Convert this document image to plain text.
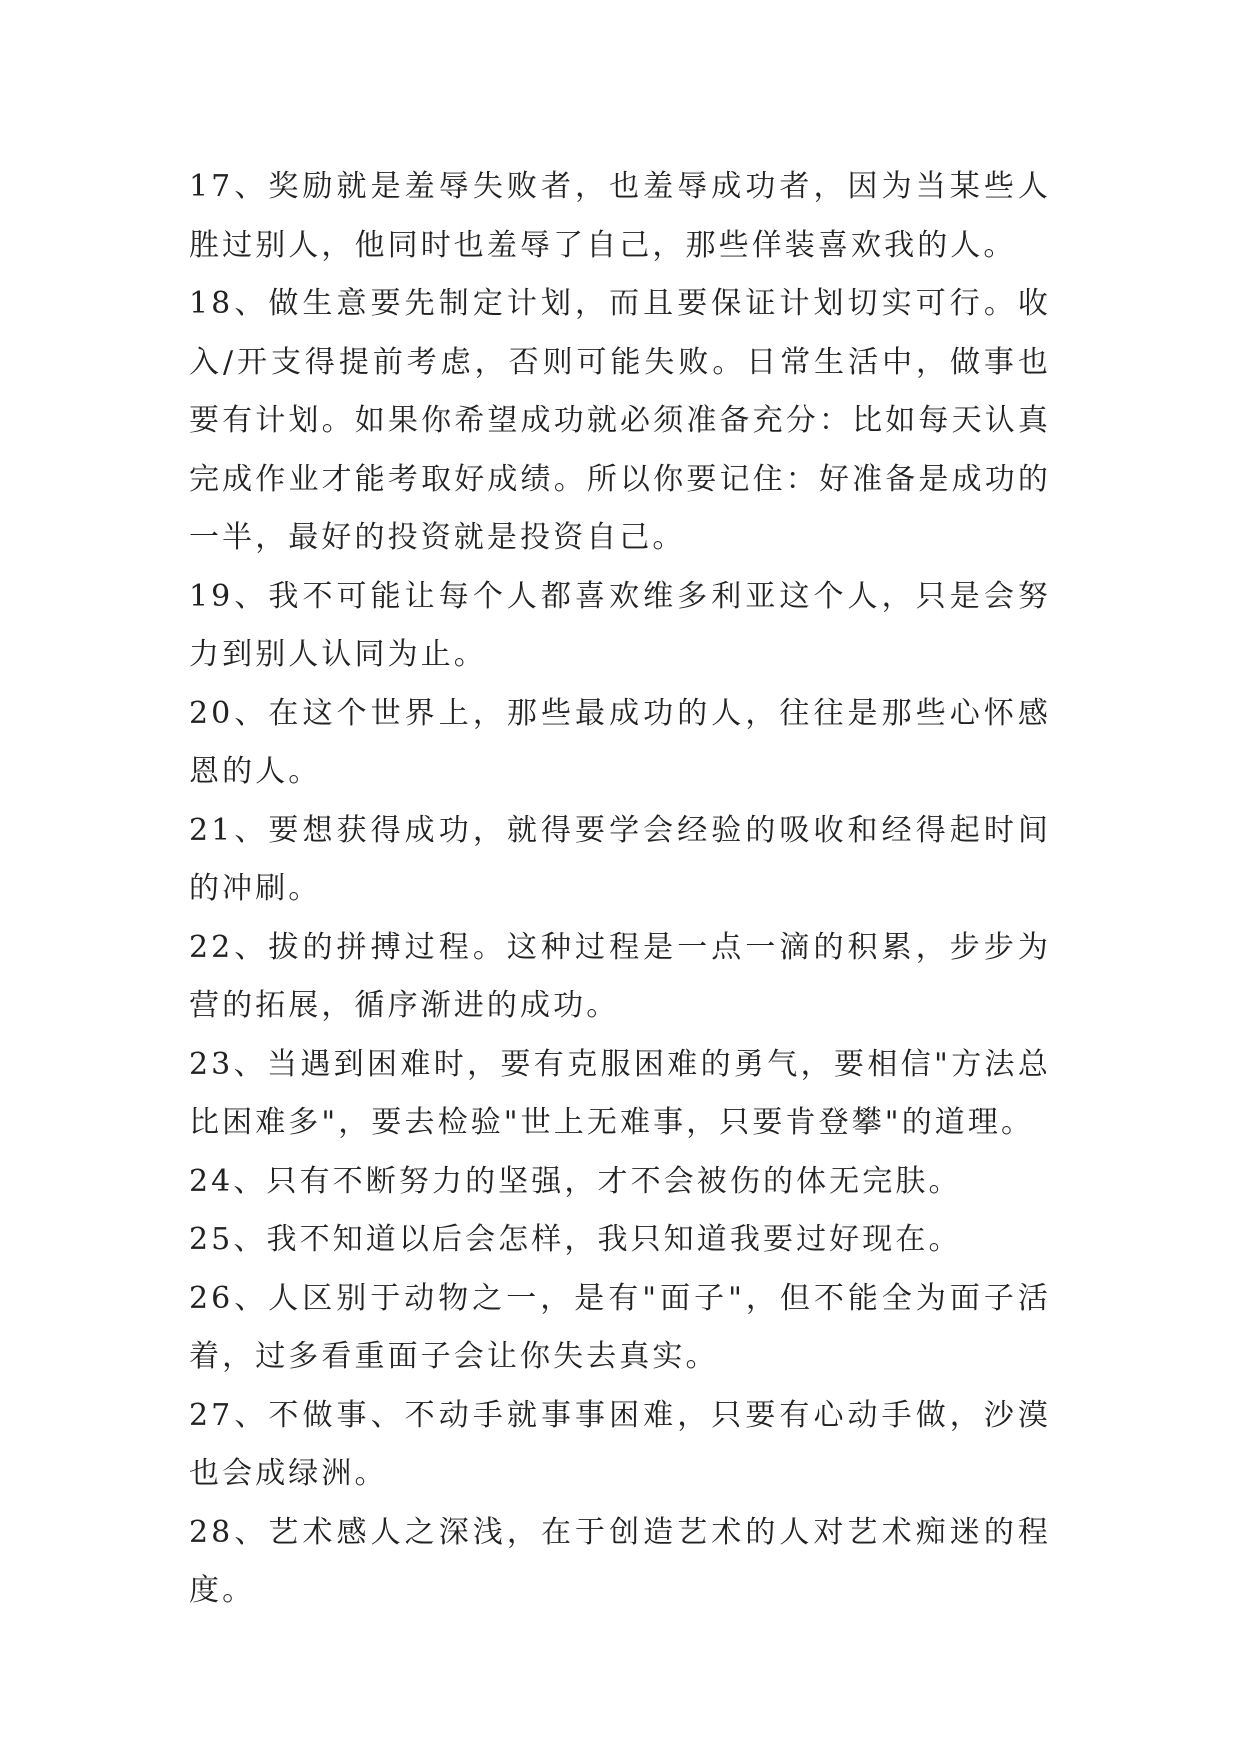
17、奖励就是羞辱失败者，也羞辱成功者，因为当某些人胜过别人，他同时也羞辱了自己，那些佯装喜欢我的人。

18、做生意要先制定计划，而且要保证计划切实可行。收入/开支得提前考虑，否则可能失败。日常生活中，做事也要有计划。如果你希望成功就必须准备充分：比如每天认真完成作业才能考取好成绩。所以你要记住：好准备是成功的一半，最好的投资就是投资自己。

19、我不可能让每个人都喜欢维多利亚这个人，只是会努力到别人认同为止。

20、在这个世界上，那些最成功的人，往往是那些心怀感恩的人。

21、要想获得成功，就得要学会经验的吸收和经得起时间的冲刷。

22、拔的拼搏过程。这种过程是一点一滴的积累，步步为营的拓展，循序渐进的成功。

23、当遇到困难时，要有克服困难的勇气，要相信"方法总比困难多"，要去检验"世上无难事，只要肯登攀"的道理。

24、只有不断努力的坚强，才不会被伤的体无完肤。

25、我不知道以后会怎样，我只知道我要过好现在。

26、人区别于动物之一，是有"面子"，但不能全为面子活着，过多看重面子会让你失去真实。

27、不做事、不动手就事事困难，只要有心动手做，沙漠也会成绿洲。

28、艺术感人之深浅，在于创造艺术的人对艺术痴迷的程度。
